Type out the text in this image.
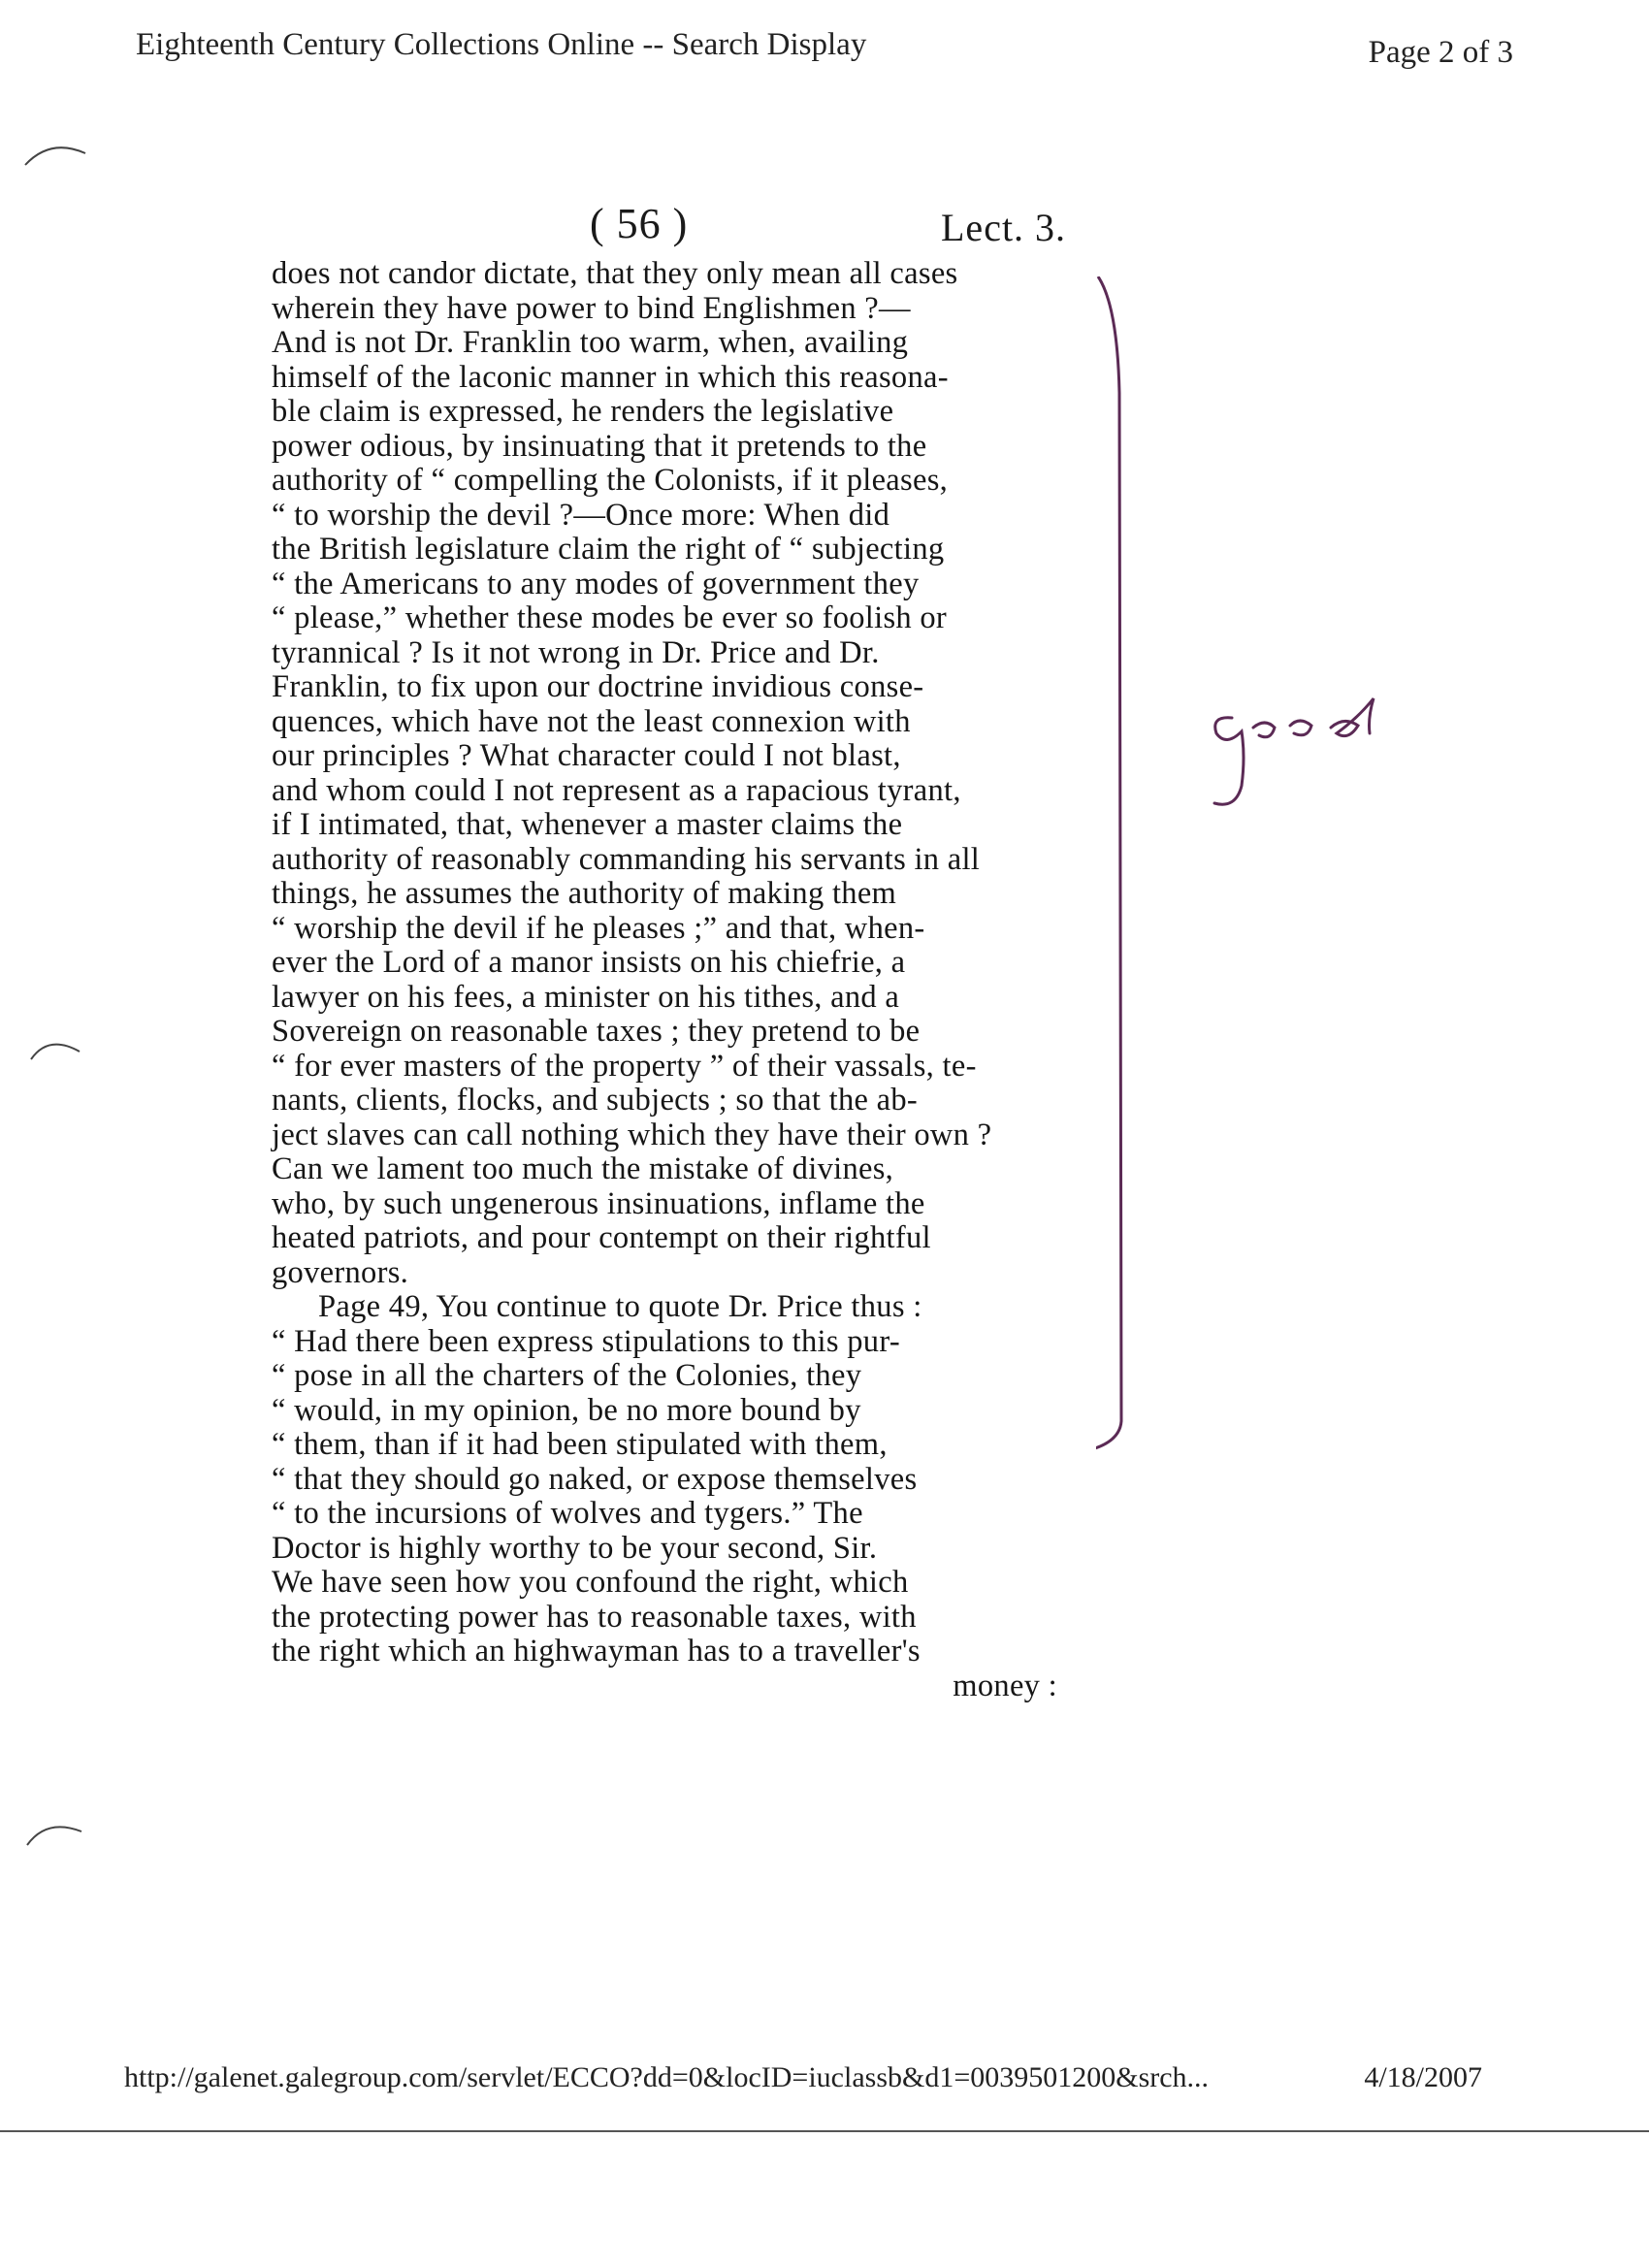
Eighteenth Century Collections Online -- Search Display	Page 2 of 3
( 56 )	Lect. 3.
does not candor dictate, that they only mean all cases
wherein they have power to bind Englishmen ?—
And is not Dr. Franklin too warm, when, availing
himself of the laconic manner in which this reasona-
ble claim is expressed, he renders the legislative
power odious, by insinuating that it pretends to the
authority of “ compelling the Colonists, if it pleases,
“ to worship the devil ?—Once more: When did
the British legislature claim the right of “ subjecting
“ the Americans to any modes of government they
“ please,” whether these modes be ever so foolish or
tyrannical ? Is it not wrong in Dr. Price and Dr.
Franklin, to fix upon our doctrine invidious conse-
quences, which have not the least connexion with
our principles ? What character could I not blast,
and whom could I not represent as a rapacious tyrant,
if I intimated, that, whenever a master claims the
authority of reasonably commanding his servants in all
things, he assumes the authority of making them
“ worship the devil if he pleases ;” and that, when-
ever the Lord of a manor insists on his chiefrie, a
lawyer on his fees, a minister on his tithes, and a
Sovereign on reasonable taxes ; they pretend to be
“ for ever masters of the property ” of their vassals, te-
nants, clients, flocks, and subjects ; so that the ab-
ject slaves can call nothing which they have their own ?
Can we lament too much the mistake of divines,
who, by such ungenerous insinuations, inflame the
heated patriots, and pour contempt on their rightful
governors.
Page 49, You continue to quote Dr. Price thus :
“ Had there been express stipulations to this pur-
“ pose in all the charters of the Colonies, they
“ would, in my opinion, be no more bound by
“ them, than if it had been stipulated with them,
“ that they should go naked, or expose themselves
“ to the incursions of wolves and tygers.” The
Doctor is highly worthy to be your second, Sir.
We have seen how you confound the right, which
the protecting power has to reasonable taxes, with
the right which an highwayman has to a traveller's
money :
http://galenet.galegroup.com/servlet/ECCO?dd=0&locID=iuclassb&d1=0039501200&srch...	4/18/2007
